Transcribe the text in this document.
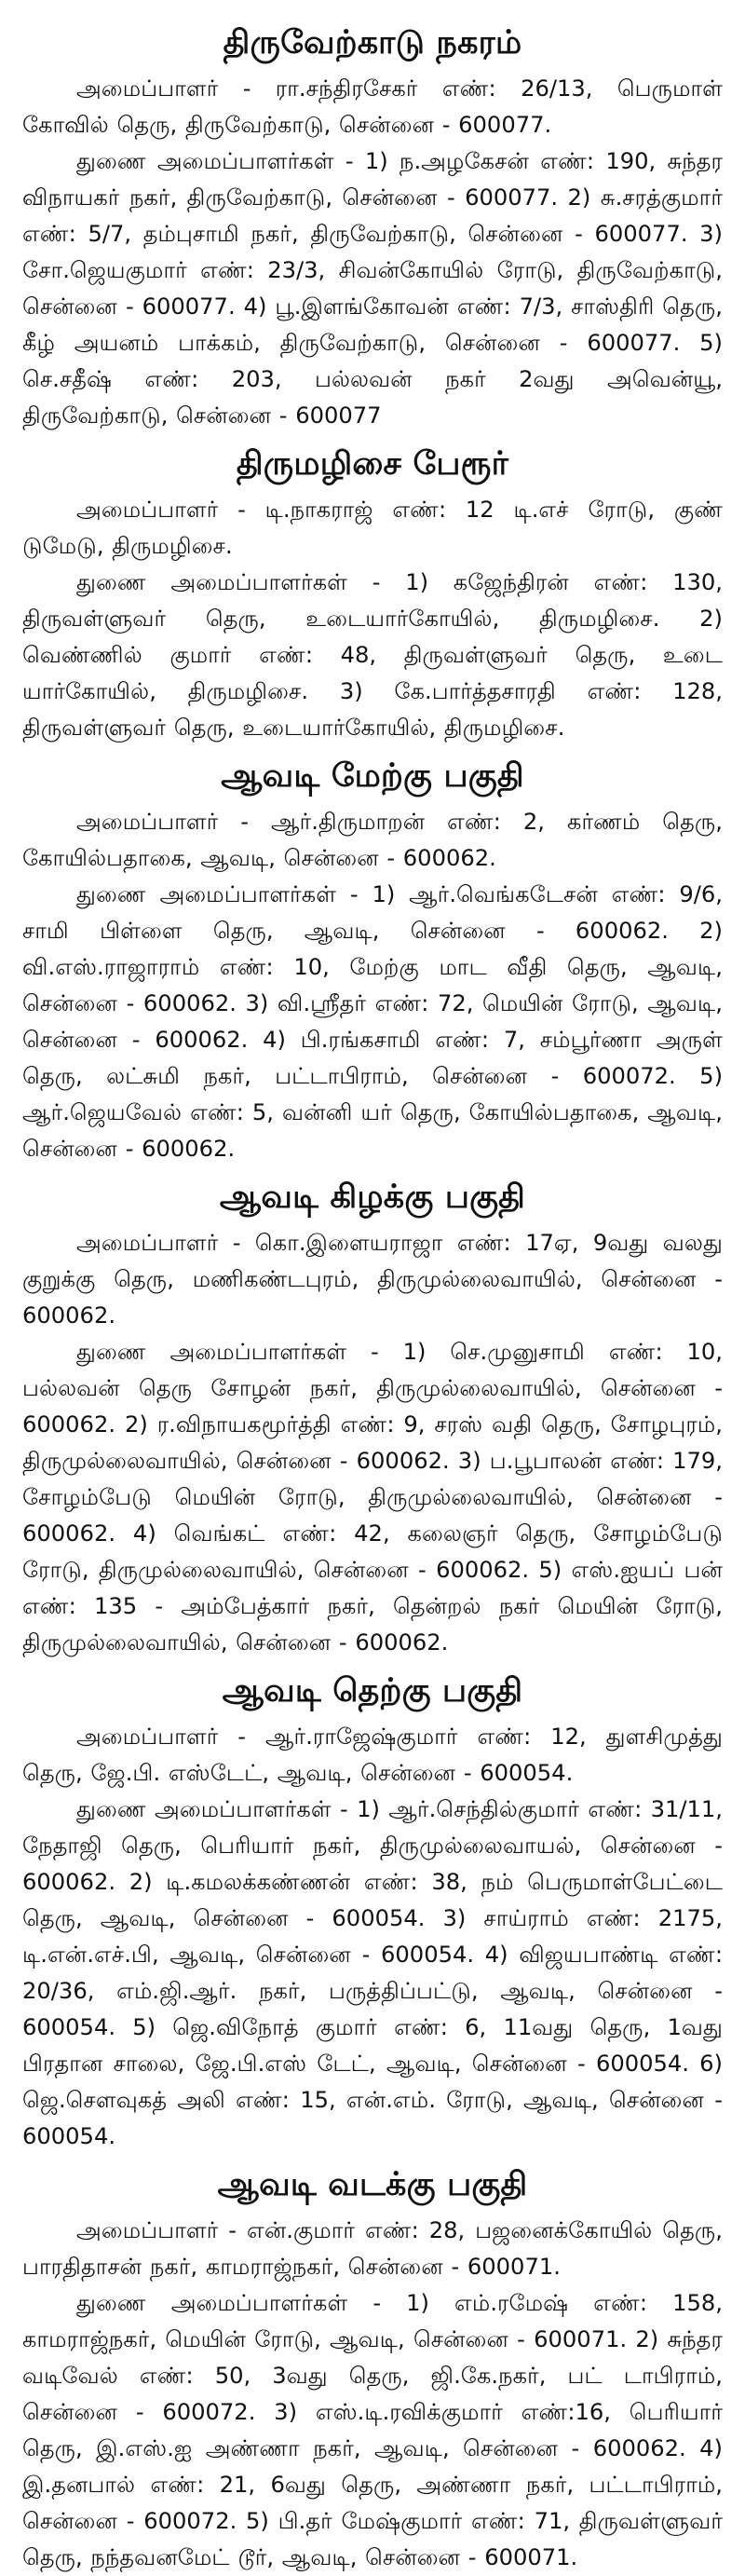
திருவேற்காடு நகரம்

அமைப்பாளர் - ரா.சந்திரசேகர் எண்: 26/13, பெருமாள் கோவில் தெரு, திருவேற்காடு, சென்னை - 600077.

துணை அமைப்பாளர்கள் - 1) ந.அழகேசன் எண்: 190, சுந்தர விநாயகர் நகர், திருவேற்காடு, சென்னை - 600077. 2) சு.சரத்குமார் எண்: 5/7, தம்புசாமி நகர், திருவேற்காடு, சென்னை - 600077. 3) சோ.ஜெயகுமார் எண்: 23/3, சிவன்கோயில் ரோடு, திருவேற்காடு, சென்னை - 600077. 4) பூ.இளங்கோவன் எண்: 7/3, சாஸ்திரி தெரு, கீழ் அயனம் பாக்கம், திருவேற்காடு, சென்னை - 600077. 5) செ.சதீஷ் எண்: 203, பல்லவன் நகர் 2வது அவென்யூ, திருவேற்காடு, சென்னை - 600077

திருமழிசை பேரூர்

அமைப்பாளர் - டி.நாகராஜ் எண்: 12 டி.எச் ரோடு, குண் டுமேடு, திருமழிசை.

துணை அமைப்பாளர்கள் - 1) கஜேந்திரன் எண்: 130, திருவள்ளுவர் தெரு, உடையார்கோயில், திருமழிசை. 2) வெண்ணில் குமார் எண்: 48, திருவள்ளுவர் தெரு, உடை யார்கோயில், திருமழிசை. 3) கே.பார்த்தசாரதி எண்: 128, திருவள்ளுவர் தெரு, உடையார்கோயில், திருமழிசை.

ஆவடி மேற்கு பகுதி

அமைப்பாளர் - ஆர்.திருமாறன் எண்: 2, கர்ணம் தெரு, கோயில்பதாகை, ஆவடி, சென்னை - 600062.

துணை அமைப்பாளர்கள் - 1) ஆர்.வெங்கடேசன் எண்: 9/6, சாமி பிள்ளை தெரு, ஆவடி, சென்னை - 600062. 2) வி.எஸ்.ராஜாராம் எண்: 10, மேற்கு மாட வீதி தெரு, ஆவடி, சென்னை - 600062. 3) வி.ஸ்ரீதர் எண்: 72, மெயின் ரோடு, ஆவடி, சென்னை - 600062. 4) பி.ரங்கசாமி எண்: 7, சம்பூர்ணா அருள் தெரு, லட்சுமி நகர், பட்டாபிராம், சென்னை - 600072. 5) ஆர்.ஜெயவேல் எண்: 5, வன்னி யர் தெரு, கோயில்பதாகை, ஆவடி, சென்னை - 600062.

ஆவடி கிழக்கு பகுதி

அமைப்பாளர் - கொ.இளையராஜா எண்: 17ஏ, 9வது வலது குறுக்கு தெரு, மணிகண்டபுரம், திருமுல்லைவாயில், சென்னை - 600062.

துணை அமைப்பாளர்கள் - 1) செ.முனுசாமி எண்: 10, பல்லவன் தெரு சோழன் நகர், திருமுல்லைவாயில், சென்னை - 600062. 2) ர.விநாயகமூர்த்தி எண்: 9, சரஸ் வதி தெரு, சோழபுரம், திருமுல்லைவாயில், சென்னை - 600062. 3) ப.பூபாலன் எண்: 179, சோழம்பேடு மெயின் ரோடு, திருமுல்லைவாயில், சென்னை - 600062. 4) வெங்கட் எண்: 42, கலைஞர் தெரு, சோழம்பேடு ரோடு, திருமுல்லைவாயில், சென்னை - 600062. 5) எஸ்.ஐயப் பன் எண்: 135 - அம்பேத்கார் நகர், தென்றல் நகர் மெயின் ரோடு, திருமுல்லைவாயில், சென்னை - 600062.

ஆவடி தெற்கு பகுதி

அமைப்பாளர் - ஆர்.ராஜேஷ்குமார் எண்: 12, துளசிமுத்து தெரு, ஜே.பி. எஸ்டேட், ஆவடி, சென்னை - 600054.

துணை அமைப்பாளர்கள் - 1) ஆர்.செந்தில்குமார் எண்: 31/11, நேதாஜி தெரு, பெரியார் நகர், திருமுல்லைவாயல், சென்னை - 600062. 2) டி.கமலக்கண்ணன் எண்: 38, நம் பெருமாள்பேட்டை தெரு, ஆவடி, சென்னை - 600054. 3) சாய்ராம் எண்: 2175, டி.என்.எச்.பி, ஆவடி, சென்னை - 600054. 4) விஜயபாண்டி எண்: 20/36, எம்.ஜி.ஆர். நகர், பருத்திப்பட்டு, ஆவடி, சென்னை - 600054. 5) ஜெ.விநோத் குமார் எண்: 6, 11வது தெரு, 1வது பிரதான சாலை, ஜே.பி.எஸ் டேட், ஆவடி, சென்னை - 600054. 6) ஜெ.சௌவுகத் அலி எண்: 15, என்.எம். ரோடு, ஆவடி, சென்னை - 600054.

ஆவடி வடக்கு பகுதி

அமைப்பாளர் - என்.குமார் எண்: 28, பஜனைக்கோயில் தெரு, பாரதிதாசன் நகர், காமராஜ்நகர், சென்னை - 600071.

துணை அமைப்பாளர்கள் - 1) எம்.ரமேஷ் எண்: 158, காமராஜ்நகர், மெயின் ரோடு, ஆவடி, சென்னை - 600071. 2) சுந்தர வடிவேல் எண்: 50, 3வது தெரு, ஜி.கே.நகர், பட் டாபிராம், சென்னை - 600072. 3) எஸ்.டி.ரவிக்குமார் எண்:16, பெரியார் தெரு, இ.எஸ்.ஐ அண்ணா நகர், ஆவடி, சென்னை - 600062. 4) இ.தனபால் எண்: 21, 6வது தெரு, அண்ணா நகர், பட்டாபிராம், சென்னை - 600072. 5) பி.தர் மேஷ்குமார் எண்: 71, திருவள்ளுவர் தெரு, நந்தவனமேட் டூர், ஆவடி, சென்னை - 600071.
